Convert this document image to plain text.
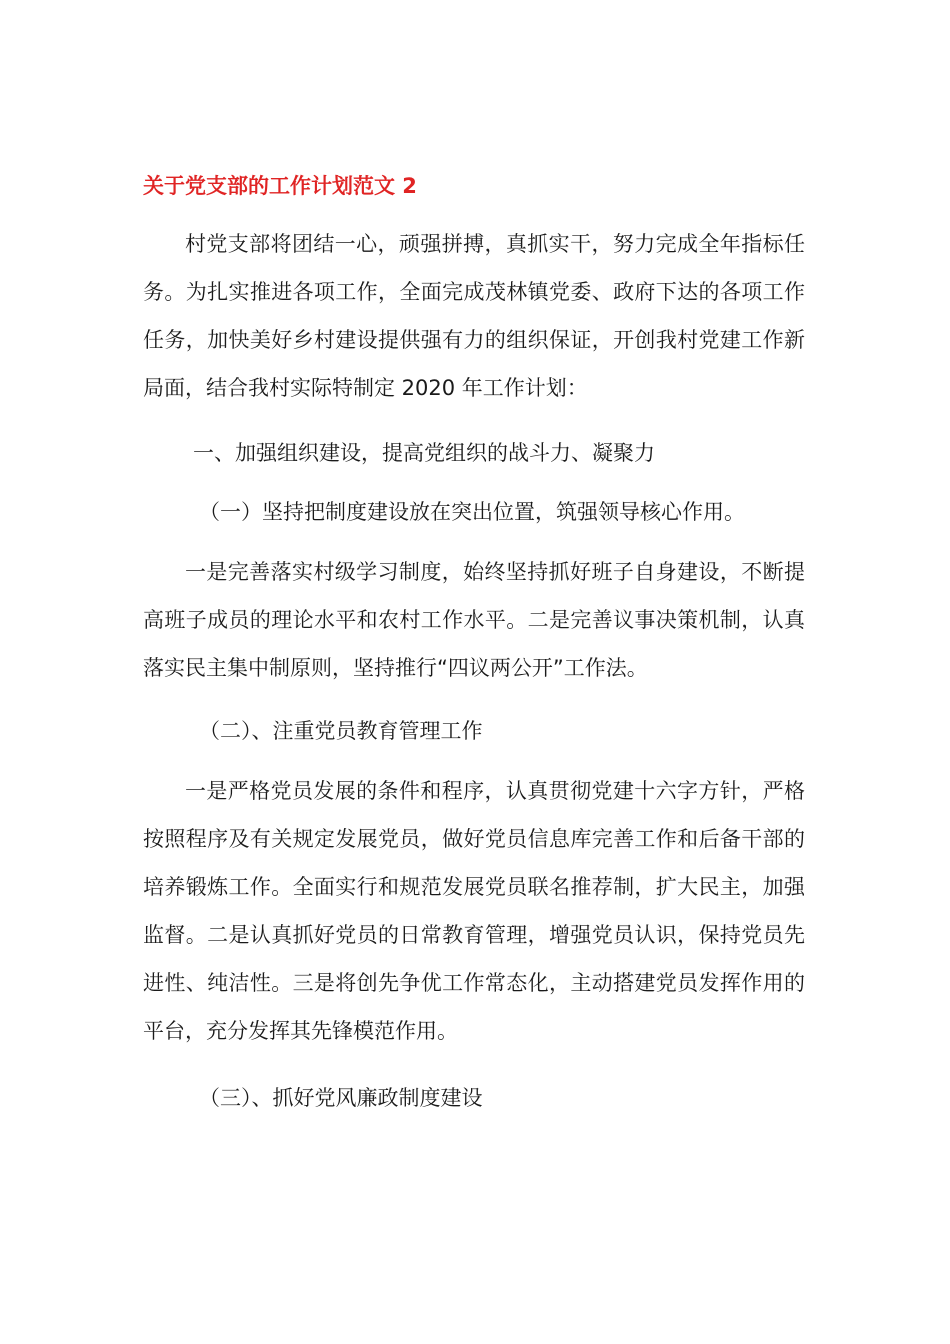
关于党支部的工作计划范文 2

村党支部将团结一心，顽强拼搏，真抓实干，努力完成全年指标任务。为扎实推进各项工作，全面完成茂林镇党委、政府下达的各项工作任务，加快美好乡村建设提供强有力的组织保证，开创我村党建工作新局面，结合我村实际特制定 2020 年工作计划：

一、加强组织建设，提高党组织的战斗力、凝聚力
（一）坚持把制度建设放在突出位置，筑强领导核心作用。

一是完善落实村级学习制度，始终坚持抓好班子自身建设，不断提高班子成员的理论水平和农村工作水平。二是完善议事决策机制，认真落实民主集中制原则，坚持推行“四议两公开”工作法。

（二）、注重党员教育管理工作

一是严格党员发展的条件和程序，认真贯彻党建十六字方针，严格按照程序及有关规定发展党员，做好党员信息库完善工作和后备干部的培养锻炼工作。全面实行和规范发展党员联名推荐制，扩大民主，加强监督。二是认真抓好党员的日常教育管理，增强党员认识，保持党员先进性、纯洁性。三是将创先争优工作常态化，主动搭建党员发挥作用的平台，充分发挥其先锋模范作用。

（三）、抓好党风廉政制度建设
